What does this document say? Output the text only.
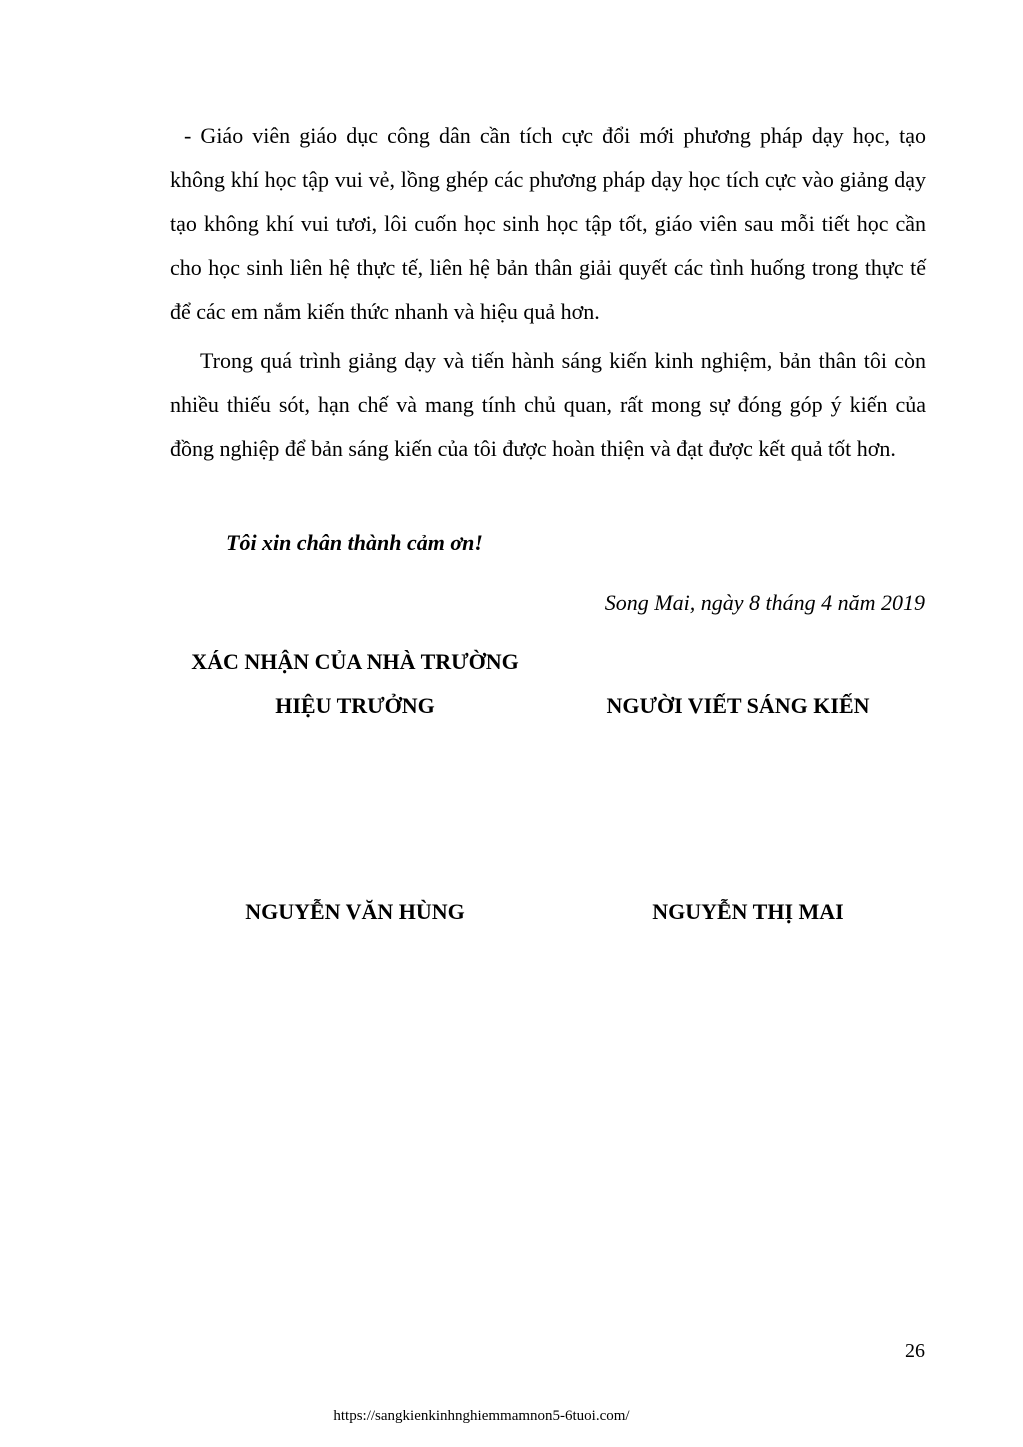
- Giáo viên giáo dục công dân cần tích cực đổi mới phương pháp dạy học, tạo không khí học tập vui vẻ, lồng ghép các phương pháp dạy học tích cực vào giảng dạy tạo không khí vui tươi, lôi cuốn học sinh học tập tốt, giáo viên sau mỗi tiết học cần cho học sinh liên hệ thực tế, liên hệ bản thân giải quyết các tình huống trong thực tế để các em nắm kiến thức nhanh và hiệu quả hơn.

Trong quá trình giảng dạy và tiến hành sáng kiến kinh nghiệm, bản thân tôi còn nhiều thiếu sót, hạn chế và mang tính chủ quan, rất mong sự đóng góp ý kiến của đồng nghiệp để bản sáng kiến của tôi được hoàn thiện và đạt được kết quả tốt hơn.

Tôi xin chân thành cảm ơn!

Song Mai, ngày 8 tháng 4 năm 2019

XÁC NHẬN CỦA NHÀ TRƯỜNG
HIỆU TRƯỞNG	NGƯỜI VIẾT SÁNG KIẾN
NGUYỄN VĂN HÙNG	NGUYỄN THỊ MAI

26

https://sangkienkinhnghiemmamnon5-6tuoi.com/
